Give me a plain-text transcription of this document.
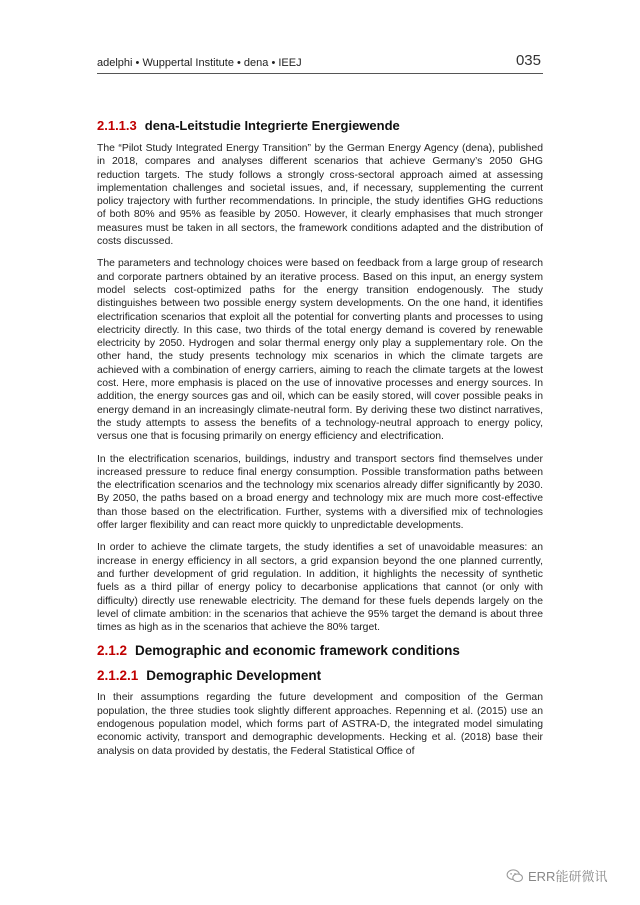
adelphi • Wuppertal Institute • dena • IEEJ	035
2.1.1.3 dena-Leitstudie Integrierte Energiewende

The “Pilot Study Integrated Energy Transition” by the German Energy Agency (dena), published in 2018, compares and analyses different scenarios that achieve Germany’s 2050 GHG reduction targets. The study follows a strongly cross-sectoral approach aimed at assessing implementation challenges and societal issues, and, if necessary, supplementing the current policy trajectory with further recommendations. In principle, the study identifies GHG reductions of both 80% and 95% as feasible by 2050. However, it clearly emphasises that much stronger measures must be taken in all sectors, the framework conditions adapted and the distribution of costs discussed.

The parameters and technology choices were based on feedback from a large group of research and corporate partners obtained by an iterative process. Based on this input, an energy system model selects cost-optimized paths for the energy transition endogenously. The study distinguishes between two possible energy system developments. On the one hand, it identifies electrification scenarios that exploit all the potential for converting plants and processes to using electricity directly. In this case, two thirds of the total energy demand is covered by renewable electricity by 2050. Hydrogen and solar thermal energy only play a supplementary role. On the other hand, the study presents technology mix scenarios in which the climate targets are achieved with a combination of energy carriers, aiming to reach the climate targets at the lowest cost. Here, more emphasis is placed on the use of innovative processes and energy sources. In addition, the energy sources gas and oil, which can be easily stored, will cover possible peaks in energy demand in an increasingly climate-neutral form. By deriving these two distinct narratives, the study attempts to assess the benefits of a technology-neutral approach to energy policy, versus one that is focusing primarily on energy efficiency and electrification.

In the electrification scenarios, buildings, industry and transport sectors find themselves under increased pressure to reduce final energy consumption. Possible transformation paths between the electrification scenarios and the technology mix scenarios already differ significantly by 2030. By 2050, the paths based on a broad energy and technology mix are much more cost-effective than those based on the electrification. Further, systems with a diversified mix of technologies offer larger flexibility and can react more quickly to unpredictable developments.

In order to achieve the climate targets, the study identifies a set of unavoidable measures: an increase in energy efficiency in all sectors, a grid expansion beyond the one planned currently, and further development of grid regulation. In addition, it highlights the necessity of synthetic fuels as a third pillar of energy policy to decarbonise applications that cannot (or only with difficulty) directly use renewable electricity. The demand for these fuels depends largely on the level of climate ambition: in the scenarios that achieve the 95% target the demand is about three times as high as in the scenarios that achieve the 80% target.

2.1.2 Demographic and economic framework conditions
2.1.2.1 Demographic Development

In their assumptions regarding the future development and composition of the German population, the three studies took slightly different approaches. Repenning et al. (2015) use an endogenous population model, which forms part of ASTRA-D, the integrated model simulating economic activity, transport and demographic developments. Hecking et al. (2018) base their analysis on data provided by destatis, the Federal Statistical Office of

ERR能研微讯
